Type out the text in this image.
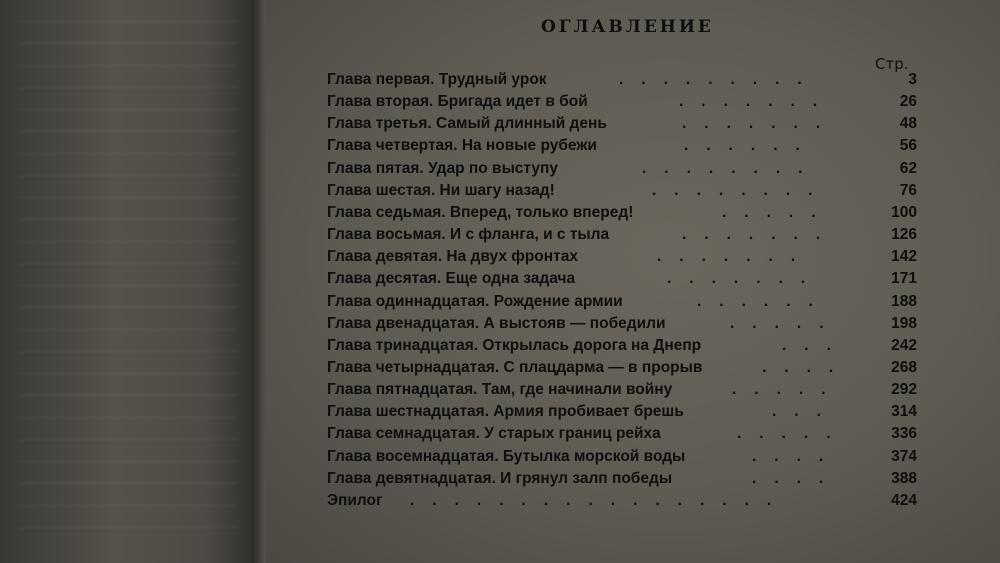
ОГЛАВЛЕНИЕ
Стр.
Глава первая. Трудный урок	.........	3
Глава вторая. Бригада идет в бой	.......	26
Глава третья. Самый длинный день	.......	48
Глава четвертая. На новые рубежи	......	56
Глава пятая. Удар по выступу	........	62
Глава шестая. Ни шагу назад!	........	76
Глава седьмая. Вперед, только вперед!	.....	100
Глава восьмая. И с фланга, и с тыла	.......	126
Глава девятая. На двух фронтах	.......	142
Глава десятая. Еще одна задача	.......	171
Глава одиннадцатая. Рождение армии	......	188
Глава двенадцатая. А выстояв — победили	.....	198
Глава тринадцатая. Открылась дорога на Днепр	...	242
Глава четырнадцатая. С плацдарма — в прорыв	....	268
Глава пятнадцатая. Там, где начинали войну	.....	292
Глава шестнадцатая. Армия пробивает брешь	...	314
Глава семнадцатая. У старых границ рейха	.....	336
Глава восемнадцатая. Бутылка морской воды	....	374
Глава девятнадцатая. И грянул залп победы	....	388
Эпилог .................	424
